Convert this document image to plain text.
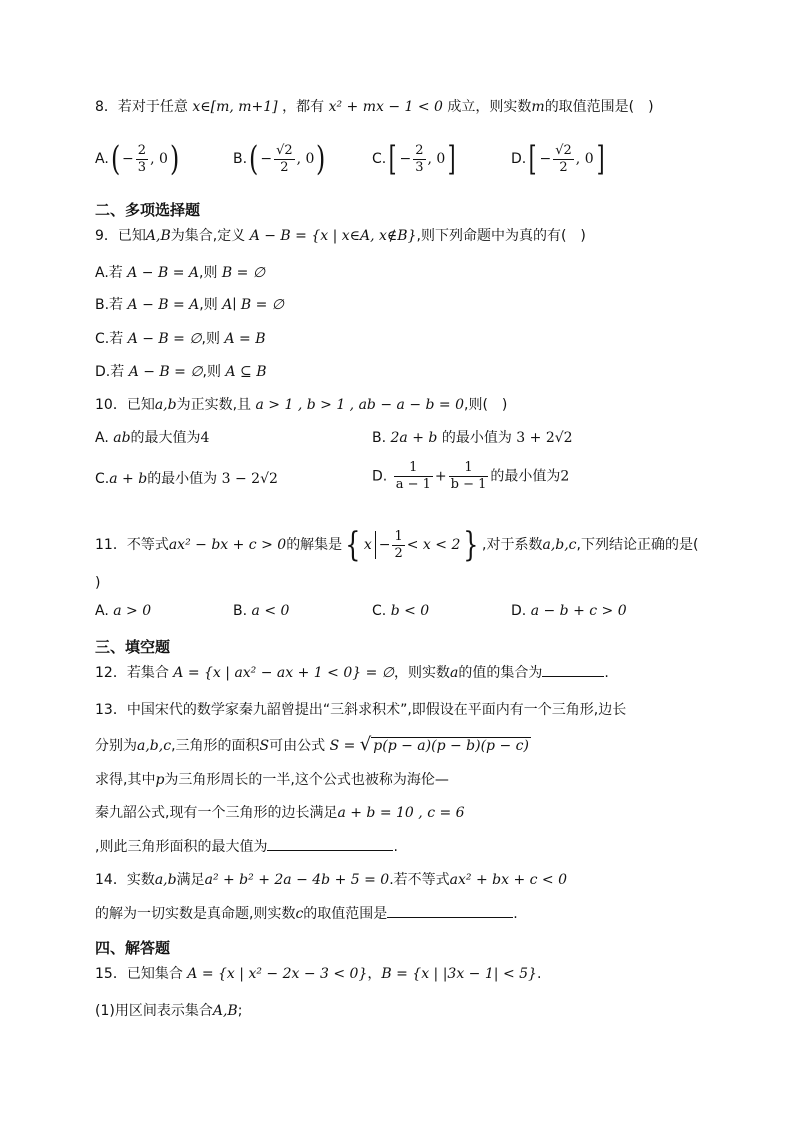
8．若对于任意 x∈[m, m+1] ，都有 x² + mx − 1 < 0 成立，则实数m的取值范围是(　)
$A.( - \frac{2}{3}$ , 0)	$B.( - \frac{√2}{2}$ , 0)	$C.[ - \frac{2}{3}$ , 0]	$D.[ - \frac{√2}{2}$ , 0]
二、多项选择题
9．已知A,B为集合,定义 A − B = {x | x∈A, x∉B},则下列命题中为真的有(　)
A.若 A − B = A,则 B = ∅
B.若 A − B = A,则 A∣ B = ∅
C.若 A − B = ∅,则 A = B
D.若 A − B = ∅,则 A ⊆ B
10．已知a,b为正实数,且 a > 1 , b > 1 , ab − a − b = 0,则(　)
A. ab的最大值为4	B. 2a + b 的最小值为 3 + 2√2
C.a + b的最小值为 3 − 2√2	D. $\frac{1}{a - 1} + \frac{1}{b - 1}$ 的最小值为2
11．不等式ax² − bx + c > 0的解集是{ $x - \frac{1}{2} < x < 2$} ,对于系数a,b,c,下列结论正确的是(
)
A. a > 0	B. a < 0	C. b < 0	D. a − b + c > 0
三、填空题
12．若集合 A = {x | ax² − ax + 1 < 0} = ∅，则实数a的值的集合为	.
13．中国宋代的数学家秦九韶曾提出“三斜求积术”,即假设在平面内有一个三角形,边长
分别为a,b,c,三角形的面积S可由公式 S = √ p(p − a)(p − b)(p − c)
求得,其中p为三角形周长的一半,这个公式也被称为海伦—
秦九韶公式,现有一个三角形的边长满足a + b = 10 , c = 6
,则此三角形面积的最大值为	.
14．实数a,b满足a² + b² + 2a − 4b + 5 = 0.若不等式ax² + bx + c < 0
的解为一切实数是真命题,则实数c的取值范围是	.
四、解答题
15．已知集合 A = {x | x² − 2x − 3 < 0}，B = {x | |3x − 1| < 5}.
(1)用区间表示集合A,B;
